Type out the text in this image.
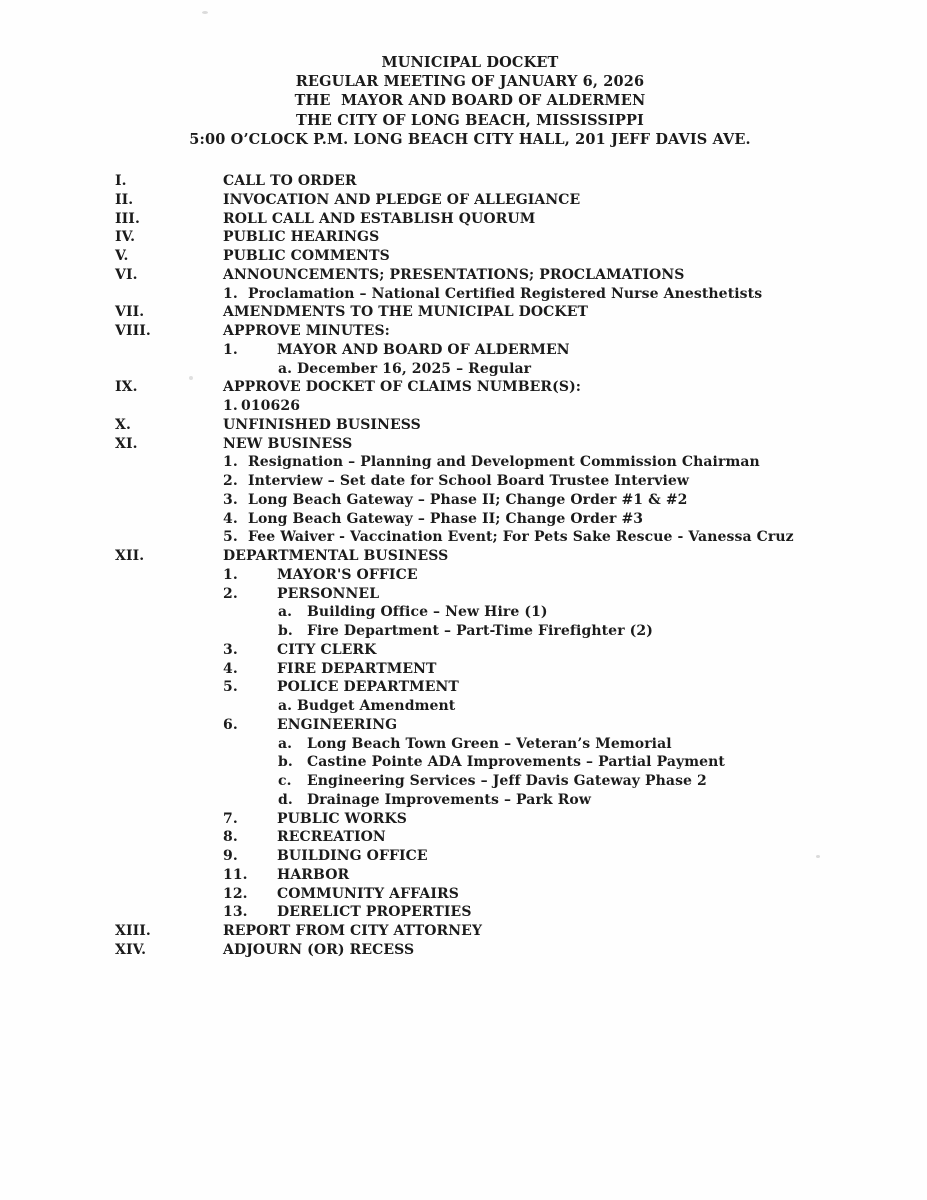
MUNICIPAL DOCKET
REGULAR MEETING OF JANUARY 6, 2026
THE  MAYOR AND BOARD OF ALDERMEN
THE CITY OF LONG BEACH, MISSISSIPPI
5:00 O’CLOCK P.M. LONG BEACH CITY HALL, 201 JEFF DAVIS AVE.
I.	CALL TO ORDER
II.	INVOCATION AND PLEDGE OF ALLEGIANCE
III.	ROLL CALL AND ESTABLISH QUORUM
IV.	PUBLIC HEARINGS
V.	PUBLIC COMMENTS
VI.	ANNOUNCEMENTS; PRESENTATIONS; PROCLAMATIONS
1. Proclamation – National Certified Registered Nurse Anesthetists
VII.	AMENDMENTS TO THE MUNICIPAL DOCKET
VIII.	APPROVE MINUTES:
1.	MAYOR AND BOARD OF ALDERMEN
a. December 16, 2025 – Regular
IX.	APPROVE DOCKET OF CLAIMS NUMBER(S):
1. 010626
X.	UNFINISHED BUSINESS
XI.	NEW BUSINESS
1. Resignation – Planning and Development Commission Chairman
2. Interview – Set date for School Board Trustee Interview
3. Long Beach Gateway – Phase II; Change Order #1 & #2
4. Long Beach Gateway – Phase II; Change Order #3
5. Fee Waiver - Vaccination Event; For Pets Sake Rescue - Vanessa Cruz
XII.	DEPARTMENTAL BUSINESS
1.	MAYOR'S OFFICE
2.	PERSONNEL
a.	Building Office – New Hire (1)
b.	Fire Department – Part-Time Firefighter (2)
3.	CITY CLERK
4.	FIRE DEPARTMENT
5.	POLICE DEPARTMENT
a. Budget Amendment
6.	ENGINEERING
a.	Long Beach Town Green – Veteran’s Memorial
b.	Castine Pointe ADA Improvements – Partial Payment
c.	Engineering Services – Jeff Davis Gateway Phase 2
d.	Drainage Improvements – Park Row
7.	PUBLIC WORKS
8.	RECREATION
9.	BUILDING OFFICE
11.	HARBOR
12.	COMMUNITY AFFAIRS
13.	DERELICT PROPERTIES
XIII.	REPORT FROM CITY ATTORNEY
XIV.	ADJOURN (OR) RECESS
